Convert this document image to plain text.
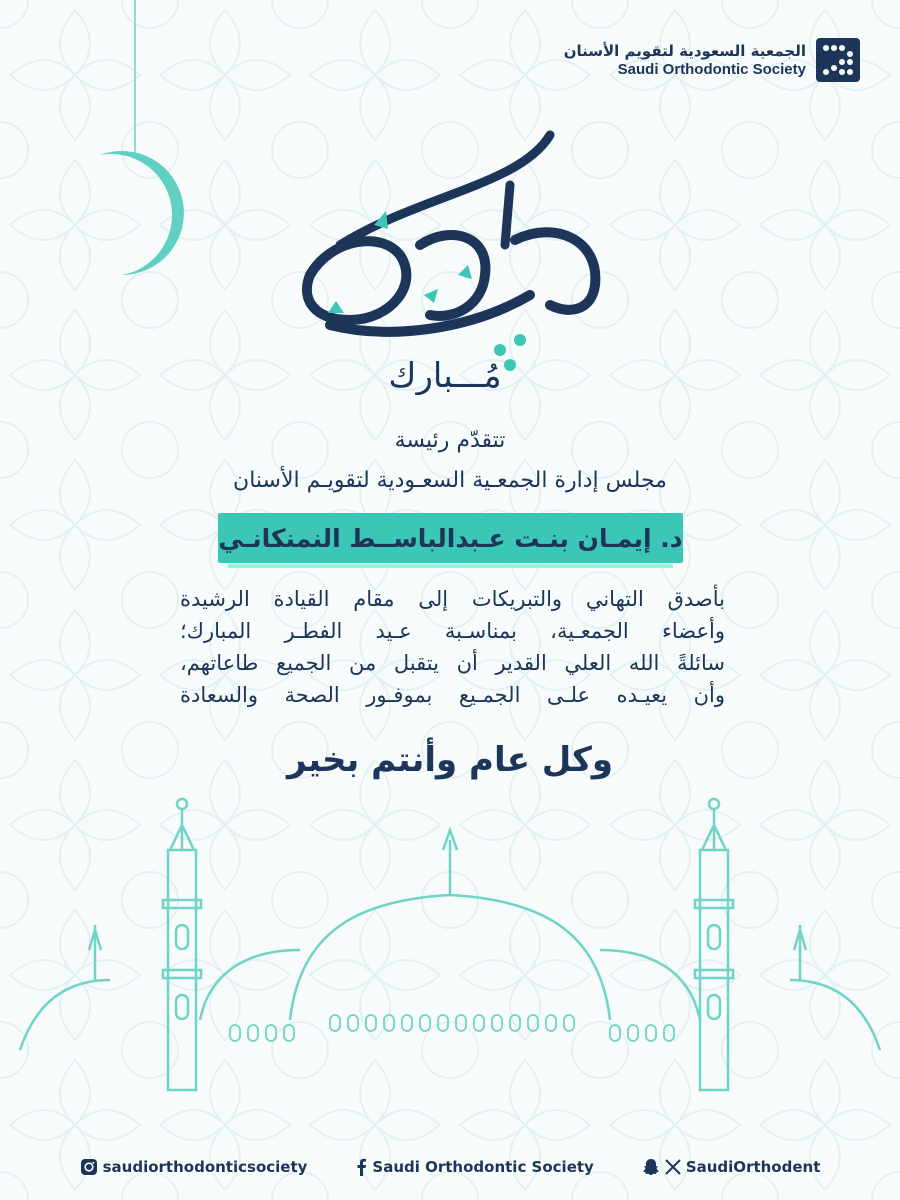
الجمعية السعودية لتقويم الأسنان
Saudi Orthodontic Society
مُـــبارك
تتقدّم رئيسة
مجلس إدارة الجمعـية السعـودية لتقويـم الأسنان
د. إيمـان بنـت عـبدالباســط النمنكانـي

بأصدق التهاني والتبريكات إلى مقام القيادة الرشيدة

وأعضاء الجمعـية، بمناسـبة عـيد الفطـر المبارك؛

سائلةً الله العلي القدير أن يتقبل من الجميع طاعاتهم،

وأن يعيـده علـى الجمـيع بموفـور الصحة والسعادة

وكل عام وأنتم بخير
saudiorthodonticsociety	Saudi Orthodontic Society	SaudiOrthodent
